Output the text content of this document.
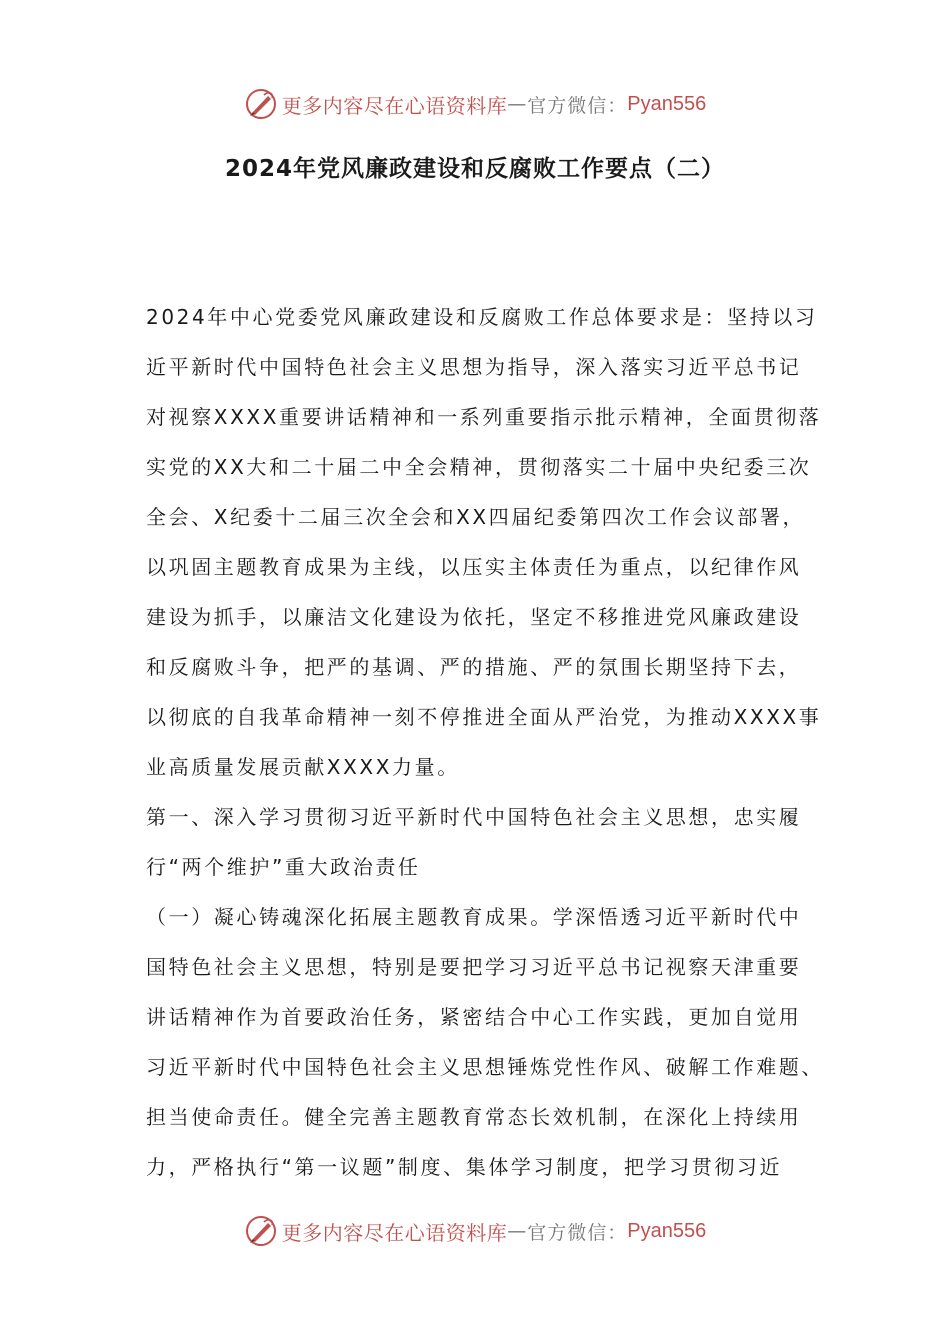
更多内容尽在心语资料库 — 官方微信： Pyan556
2024年党风廉政建设和反腐败工作要点（二）
2024年中心党委党风廉政建设和反腐败工作总体要求是：坚持以习
近平新时代中国特色社会主义思想为指导，深入落实习近平总书记
对视察XXXX重要讲话精神和一系列重要指示批示精神，全面贯彻落
实党的XX大和二十届二中全会精神，贯彻落实二十届中央纪委三次
全会、X纪委十二届三次全会和XX四届纪委第四次工作会议部署，
以巩固主题教育成果为主线，以压实主体责任为重点，以纪律作风
建设为抓手，以廉洁文化建设为依托，坚定不移推进党风廉政建设
和反腐败斗争，把严的基调、严的措施、严的氛围长期坚持下去，
以彻底的自我革命精神一刻不停推进全面从严治党，为推动XXXX事
业高质量发展贡献XXXX力量。
第一、深入学习贯彻习近平新时代中国特色社会主义思想，忠实履
行“两个维护”重大政治责任
（一）凝心铸魂深化拓展主题教育成果。学深悟透习近平新时代中
国特色社会主义思想，特别是要把学习习近平总书记视察天津重要
讲话精神作为首要政治任务，紧密结合中心工作实践，更加自觉用
习近平新时代中国特色社会主义思想锤炼党性作风、破解工作难题、
担当使命责任。健全完善主题教育常态长效机制，在深化上持续用
力，严格执行“第一议题”制度、集体学习制度，把学习贯彻习近
更多内容尽在心语资料库 — 官方微信： Pyan556
